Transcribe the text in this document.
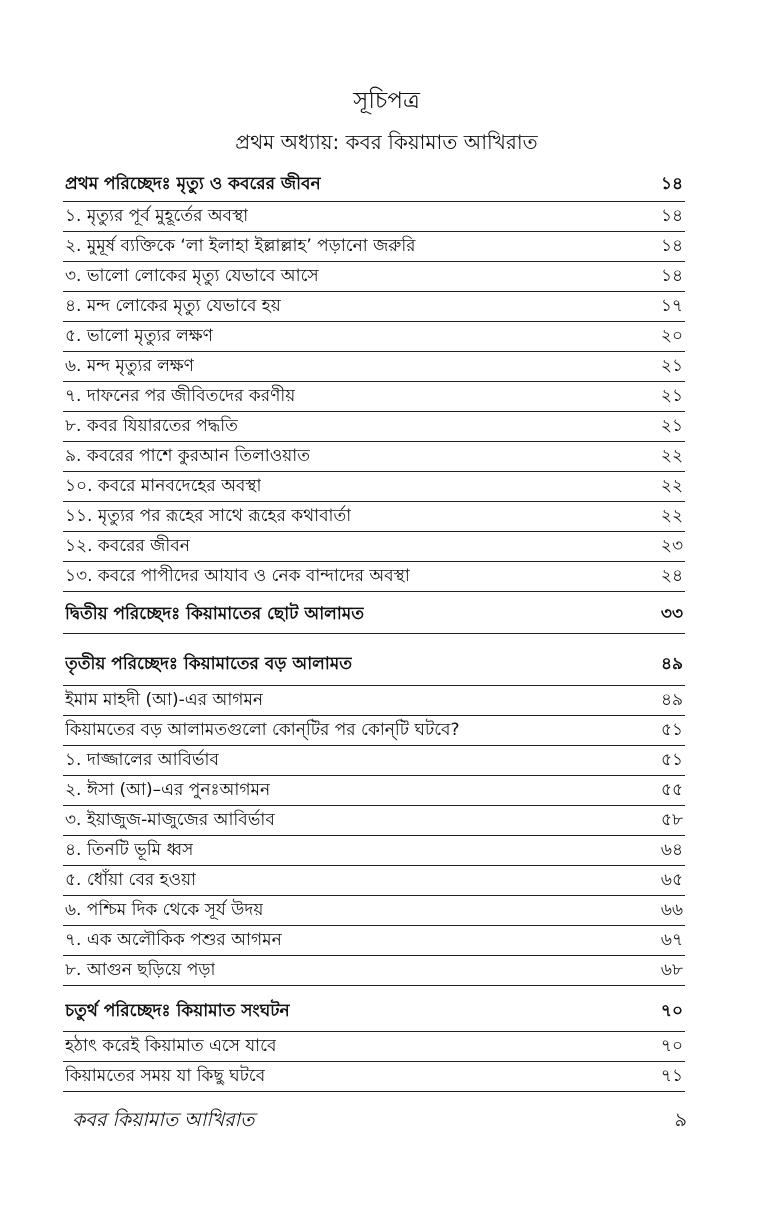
সূচিপত্র
প্রথম অধ্যায়: কবর কিয়ামাত আখিরাত
প্রথম পরিচ্ছেদঃ মৃত্যু ও কবরের জীবন	১৪
১. মৃত্যুর পূর্ব মুহূর্তের অবস্থা	১৪
২. মুমূর্ষ ব্যক্তিকে ‘লা ইলাহা ইল্লাল্লাহ’ পড়ানো জরুরি	১৪
৩. ভালো লোকের মৃত্যু যেভাবে আসে	১৪
৪. মন্দ লোকের মৃত্যু যেভাবে হয়	১৭
৫. ভালো মৃত্যুর লক্ষণ	২০
৬. মন্দ মৃত্যুর লক্ষণ	২১
৭. দাফনের পর জীবিতদের করণীয়	২১
৮. কবর যিয়ারতের পদ্ধতি	২১
৯. কবরের পাশে কুরআন তিলাওয়াত	২২
১০. কবরে মানবদেহের অবস্থা	২২
১১. মৃত্যুর পর রূহের সাথে রূহের কথাবার্তা	২২
১২. কবরের জীবন	২৩
১৩. কবরে পাপীদের আযাব ও নেক বান্দাদের অবস্থা	২৪
দ্বিতীয় পরিচ্ছেদঃ কিয়ামাতের ছোট আলামত	৩৩
তৃতীয় পরিচ্ছেদঃ কিয়ামাতের বড় আলামত	৪৯
ইমাম মাহদী (আ)-এর আগমন	৪৯
কিয়ামতের বড় আলামতগুলো কোন্‌টির পর কোন্‌টি ঘটবে?	৫১
১. দাজ্জালের আবির্ভাব	৫১
২. ঈসা (আ)–এর পুনঃআগমন	৫৫
৩. ইয়াজুজ-মাজুজের আবির্ভাব	৫৮
৪. তিনটি ভূমি ধ্বস	৬৪
৫. ধোঁয়া বের হওয়া	৬৫
৬. পশ্চিম দিক থেকে সূর্য উদয়	৬৬
৭. এক অলৌকিক পশুর আগমন	৬৭
৮. আগুন ছড়িয়ে পড়া	৬৮
চতুর্থ পরিচ্ছেদঃ কিয়ামাত সংঘটন	৭০
হঠাৎ করেই কিয়ামাত এসে যাবে	৭০
কিয়ামতের সময় যা কিছু ঘটবে	৭১
কবর কিয়ামাত আখিরাত	৯
